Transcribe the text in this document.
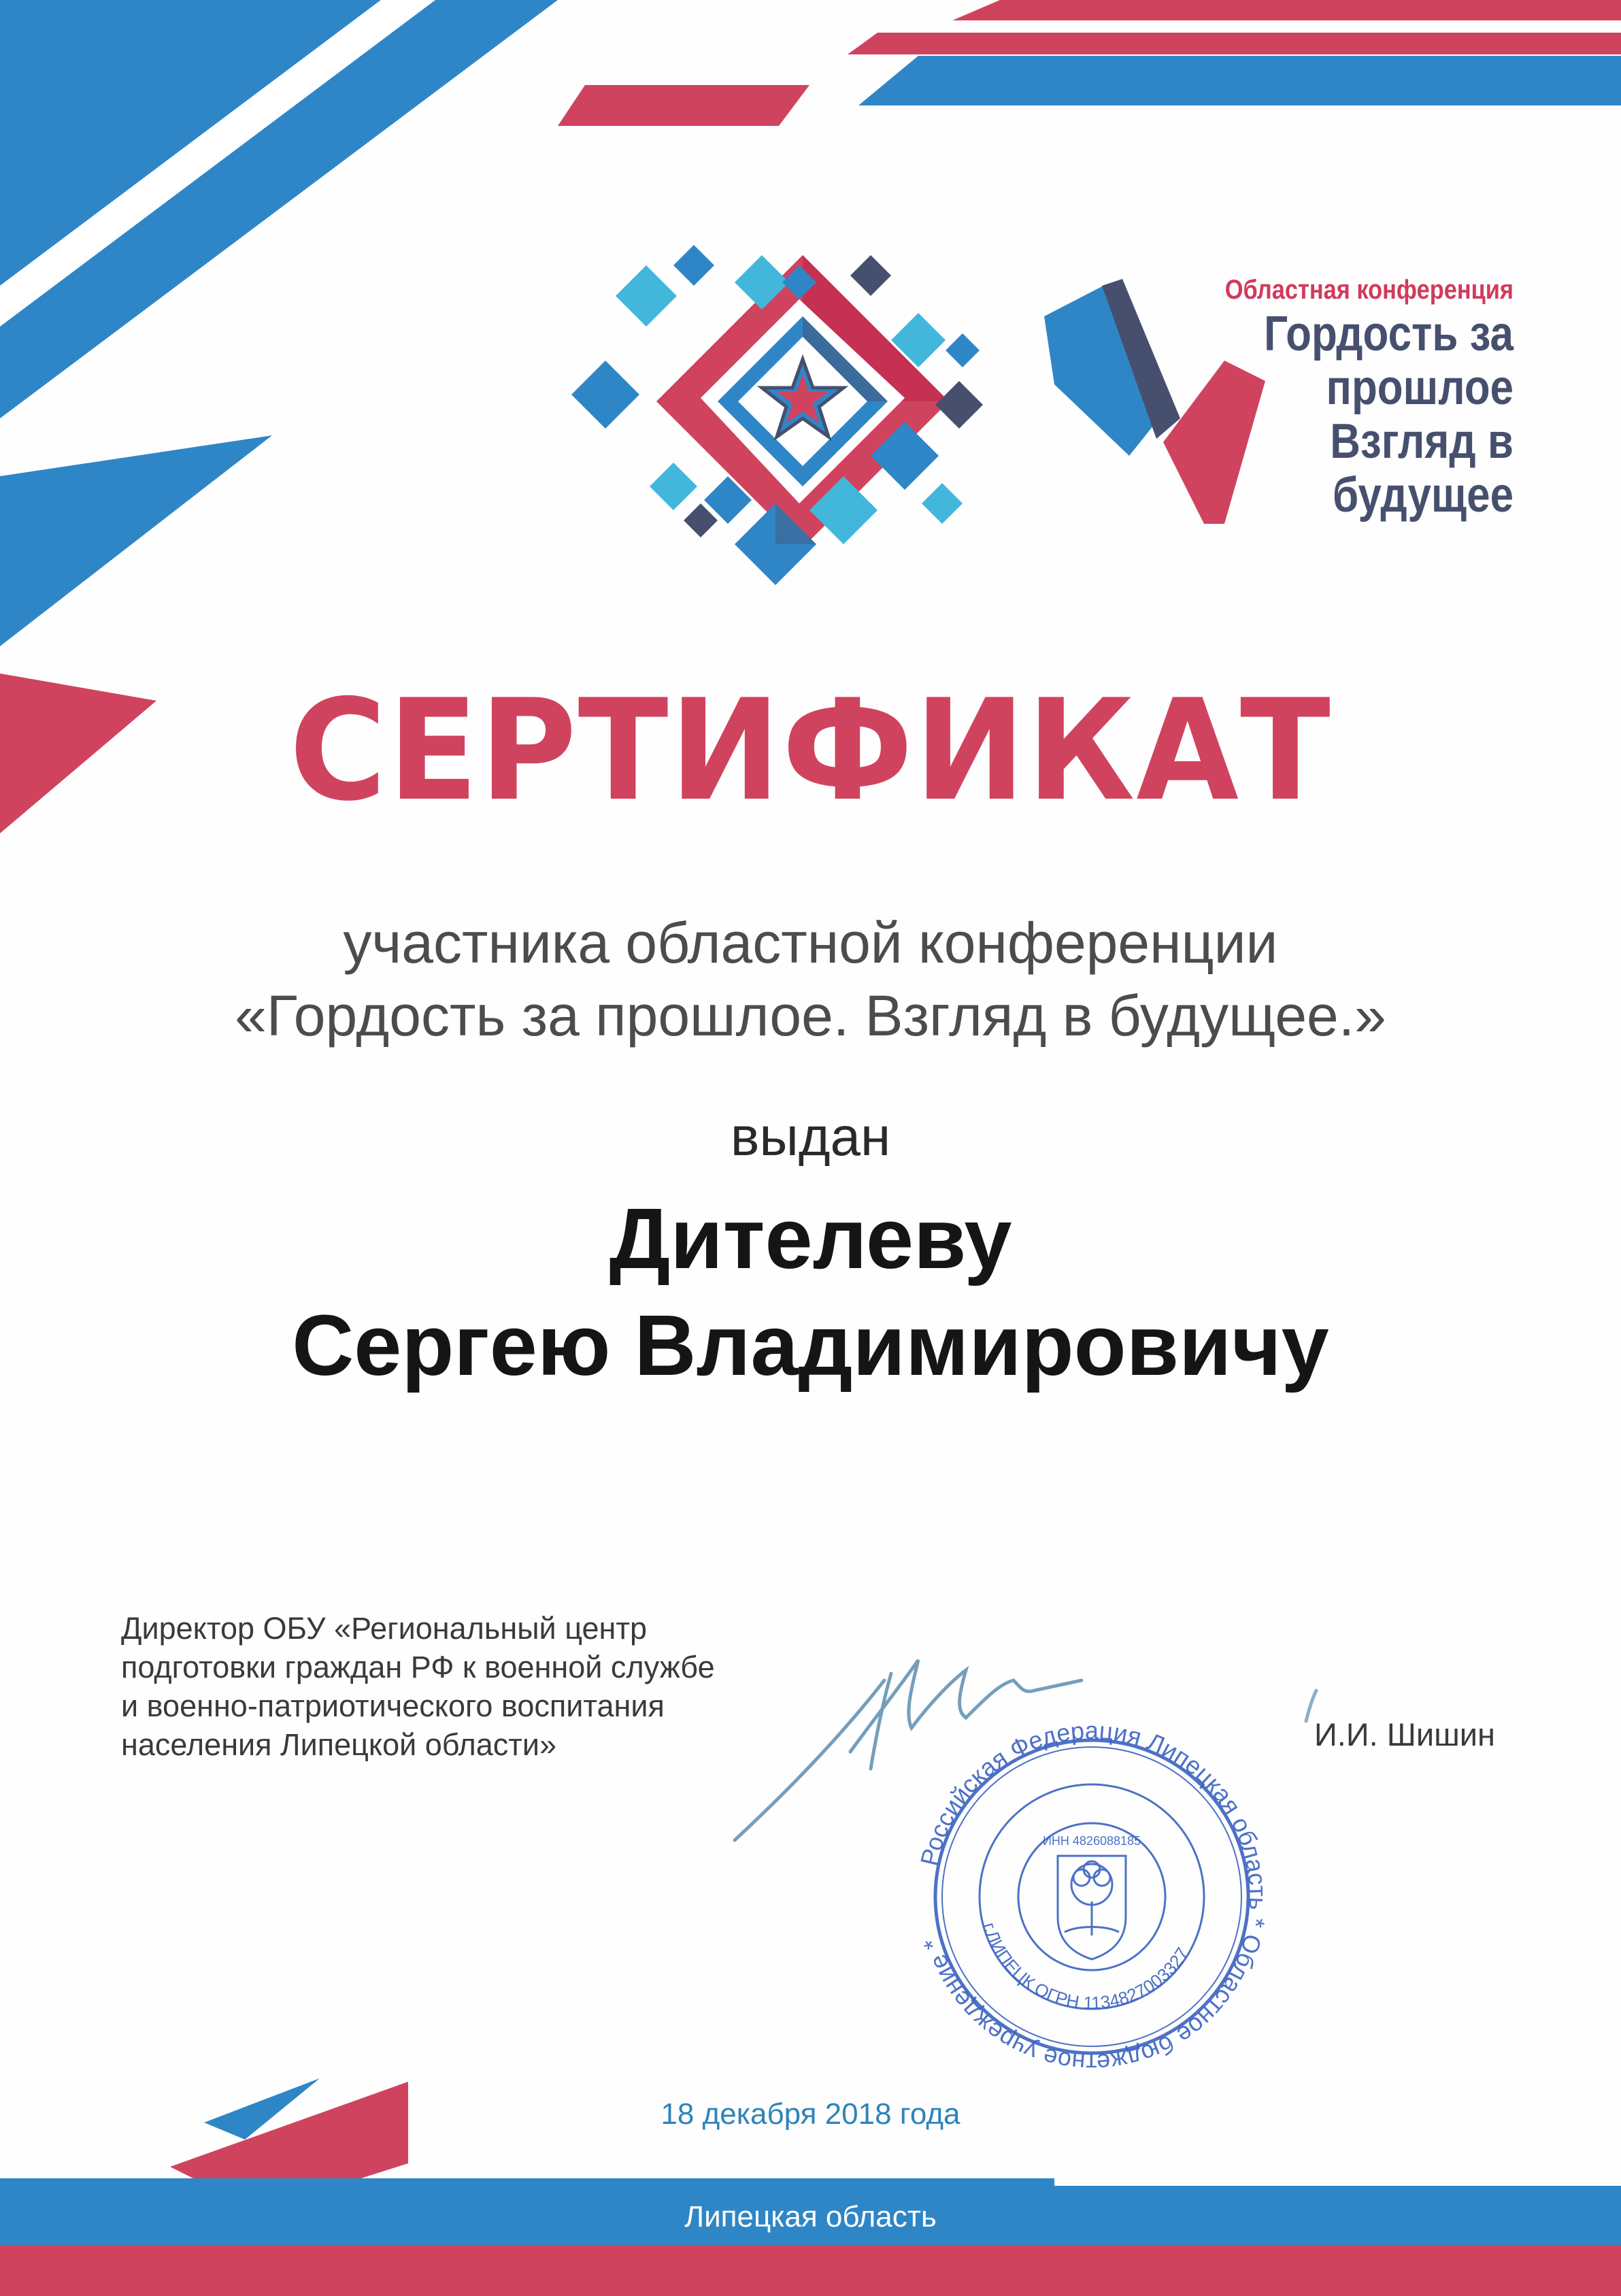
Областная конференция

Гордость за
прошлое
Взгляд в
будущее

СЕРТИФИКАТ

участника областной конференции

«Гордость за прошлое. Взгляд в будущее.»

выдан

Дителеву

Сергею Владимировичу

Директор ОБУ «Региональный центр
подготовки граждан РФ к военной службе
и военно-патриотического воспитания
населения Липецкой области»	И.И. Шишин

Российская Федерация Липецкая область * Областное бюджетное учреждение *
г.ЛИПЕЦК ОГРН 1134827003327
ИНН 4826088185

18 декабря 2018 года

Липецкая область
